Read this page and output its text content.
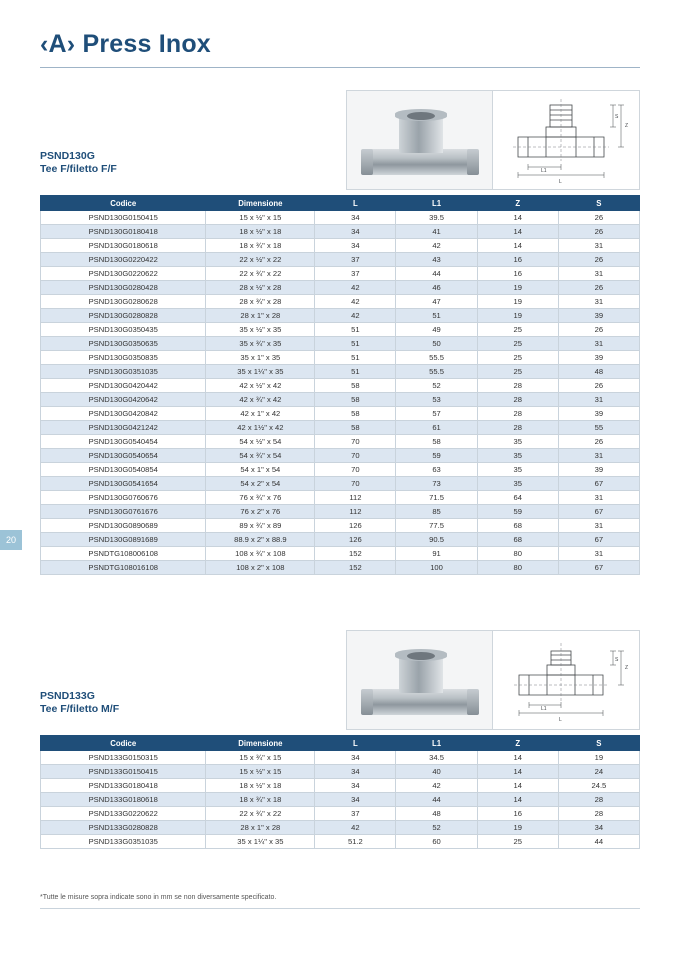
‹A› Press Inox
20
S
Z
L1
L
PSND130G
Tee F/filetto F/F
Codice	Dimensione	L	L1	Z	S
PSND130G0150415	15 x ½" x 15	34	39.5	14	26
PSND130G0180418	18 x ½" x 18	34	41	14	26
PSND130G0180618	18 x ¾" x 18	34	42	14	31
PSND130G0220422	22 x ½" x 22	37	43	16	26
PSND130G0220622	22 x ¾" x 22	37	44	16	31
PSND130G0280428	28 x ½" x 28	42	46	19	26
PSND130G0280628	28 x ¾" x 28	42	47	19	31
PSND130G0280828	28 x 1" x 28	42	51	19	39
PSND130G0350435	35 x ½" x 35	51	49	25	26
PSND130G0350635	35 x ¾" x 35	51	50	25	31
PSND130G0350835	35 x 1" x 35	51	55.5	25	39
PSND130G0351035	35 x 1¼" x 35	51	55.5	25	48
PSND130G0420442	42 x ½" x 42	58	52	28	26
PSND130G0420642	42 x ¾" x 42	58	53	28	31
PSND130G0420842	42 x 1" x 42	58	57	28	39
PSND130G0421242	42 x 1½" x 42	58	61	28	55
PSND130G0540454	54 x ½" x 54	70	58	35	26
PSND130G0540654	54 x ¾" x 54	70	59	35	31
PSND130G0540854	54 x 1" x 54	70	63	35	39
PSND130G0541654	54 x 2" x 54	70	73	35	67
PSND130G0760676	76 x ¾" x 76	112	71.5	64	31
PSND130G0761676	76 x 2" x 76	112	85	59	67
PSND130G0890689	89 x ¾" x 89	126	77.5	68	31
PSND130G0891689	88.9 x 2" x 88.9	126	90.5	68	67
PSNDTG108006108	108 x ¾" x 108	152	91	80	31
PSNDTG108016108	108 x 2" x 108	152	100	80	67
S
Z
L1
L
PSND133G
Tee F/filetto M/F
Codice	Dimensione	L	L1	Z	S
PSND133G0150315	15 x ¾" x 15	34	34.5	14	19
PSND133G0150415	15 x ½" x 15	34	40	14	24
PSND133G0180418	18 x ½" x 18	34	42	14	24.5
PSND133G0180618	18 x ¾" x 18	34	44	14	28
PSND133G0220622	22 x ¾" x 22	37	48	16	28
PSND133G0280828	28 x 1" x 28	42	52	19	34
PSND133G0351035	35 x 1¼" x 35	51.2	60	25	44
*Tutte le misure sopra indicate sono in mm se non diversamente specificato.
